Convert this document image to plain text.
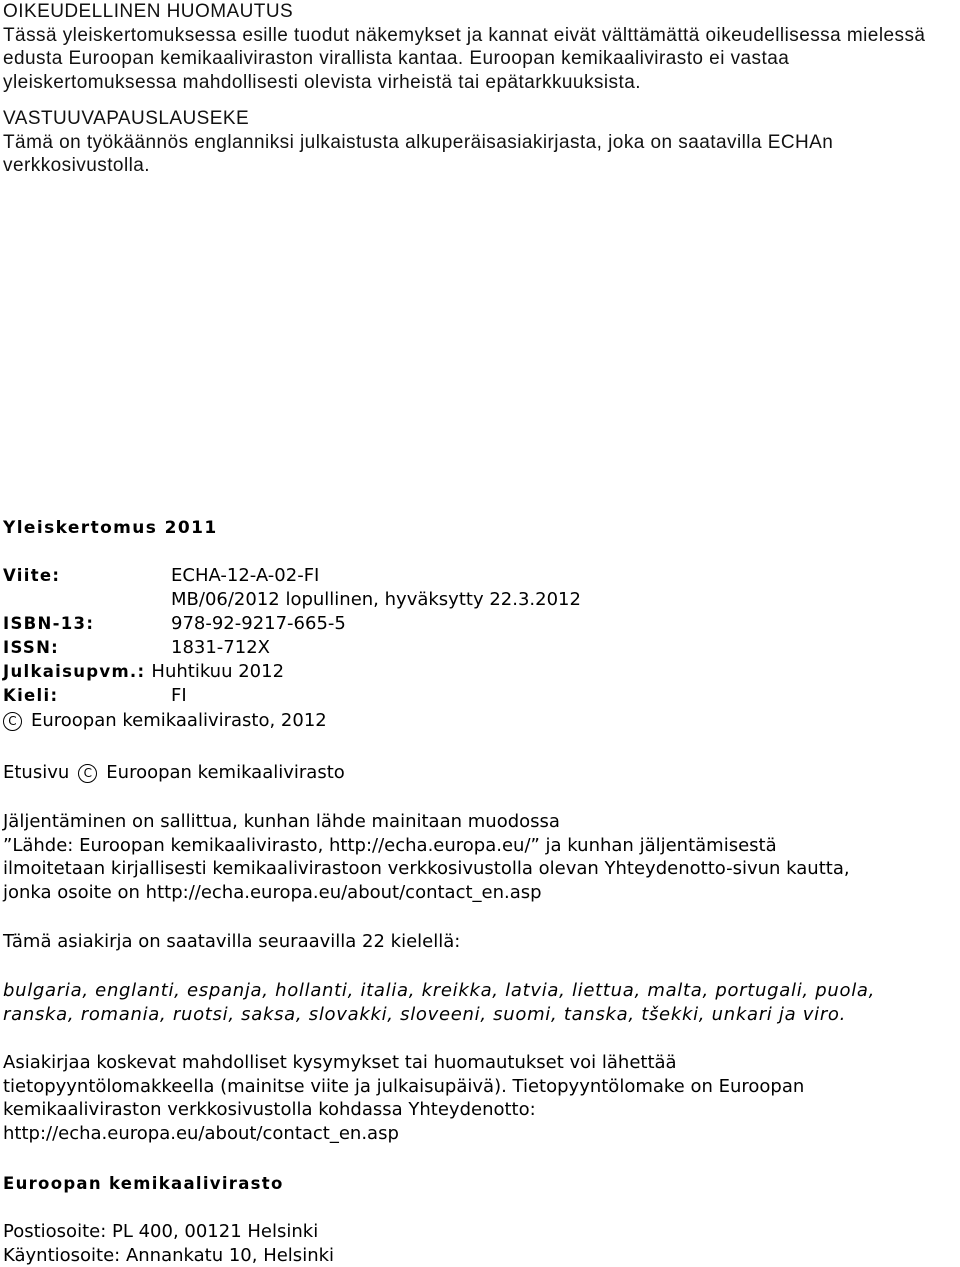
OIKEUDELLINEN HUOMAUTUS

Tässä yleiskertomuksessa esille tuodut näkemykset ja kannat eivät välttämättä oikeudellisessa mielessä edusta Euroopan kemikaaliviraston virallista kantaa. Euroopan kemikaalivirasto ei vastaa yleiskertomuksessa mahdollisesti olevista virheistä tai epätarkkuuksista.

VASTUUVAPAUSLAUSEKE

Tämä on työkäännös englanniksi julkaistusta alkuperäisasiakirjasta, joka on saatavilla ECHAn verkkosivustolla.

Yleiskertomus 2011
Viite:	ECHA-12-A-02-FI
MB/06/2012 lopullinen, hyväksytty 22.3.2012
ISBN-13:	978-92-9217-665-5
ISSN:	1831-712X
Julkaisupvm.: Huhtikuu 2012
Kieli:	FI
C Euroopan kemikaalivirasto, 2012
Etusivu	C Euroopan kemikaalivirasto

Jäljentäminen on sallittua, kunhan lähde mainitaan muodossa

”Lähde: Euroopan kemikaalivirasto, http://echa.europa.eu/” ja kunhan jäljentämisestä

ilmoitetaan kirjallisesti kemikaalivirastoon verkkosivustolla olevan Yhteydenotto-sivun kautta,

jonka osoite on http://echa.europa.eu/about/contact_en.asp

Tämä asiakirja on saatavilla seuraavilla 22 kielellä:

bulgaria, englanti, espanja, hollanti, italia, kreikka, latvia, liettua, malta, portugali, puola,

ranska, romania, ruotsi, saksa, slovakki, sloveeni, suomi, tanska, tšekki, unkari ja viro.

Asiakirjaa koskevat mahdolliset kysymykset tai huomautukset voi lähettää

tietopyyntölomakkeella (mainitse viite ja julkaisupäivä). Tietopyyntölomake on Euroopan

kemikaaliviraston verkkosivustolla kohdassa Yhteydenotto:

http://echa.europa.eu/about/contact_en.asp

Euroopan kemikaalivirasto

Postiosoite: PL 400, 00121 Helsinki

Käyntiosoite: Annankatu 10, Helsinki
